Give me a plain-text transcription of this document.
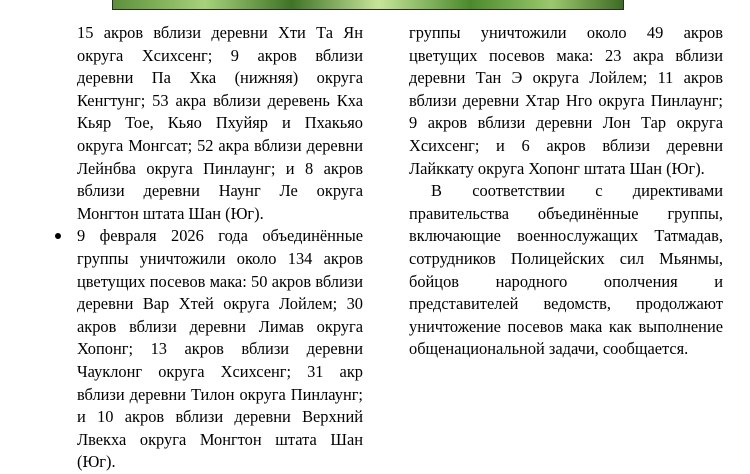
15 акров вблизи деревни Хти Та Ян округа Хсихсенг; 9 акров вблизи деревни Па Хка (нижняя) округа Кенгтунг; 53 акра вблизи деревень Кха Кьяр Тое, Кьяо Пхуйяр и Пхакьяо округа Монгсат; 52 акра вблизи деревни Лейнбва округа Пинлаунг; и 8 акров вблизи деревни Наунг Ле округа Монгтон штата Шан (Юг).

9 февраля 2026 года объединённые группы уничтожили около 134 акров цветущих посевов мака: 50 акров вблизи деревни Вар Хтей округа Лойлем; 30 акров вблизи деревни Лимав округа Хопонг; 13 акров вблизи деревни Чауклонг округа Хсихсенг; 31 акр вблизи деревни Тилон округа Пинлаунг; и 10 акров вблизи деревни Верхний Лвекха округа Монгтон штата Шан (Юг).

группы уничтожили около 49 акров цветущих посевов мака: 23 акра вблизи деревни Тан Э округа Лойлем; 11 акров вблизи деревни Хтар Нго округа Пинлаунг; 9 акров вблизи деревни Лон Тар округа Хсихсенг; и 6 акров вблизи деревни Лайккату округа Хопонг штата Шан (Юг).

В соответствии с директивами правительства объединённые группы, включающие военнослужащих Татмадав, сотрудников Полицейских сил Мьянмы, бойцов народного ополчения и представителей ведомств, продолжают уничтожение посевов мака как выполнение общенациональной задачи, сообщается.
